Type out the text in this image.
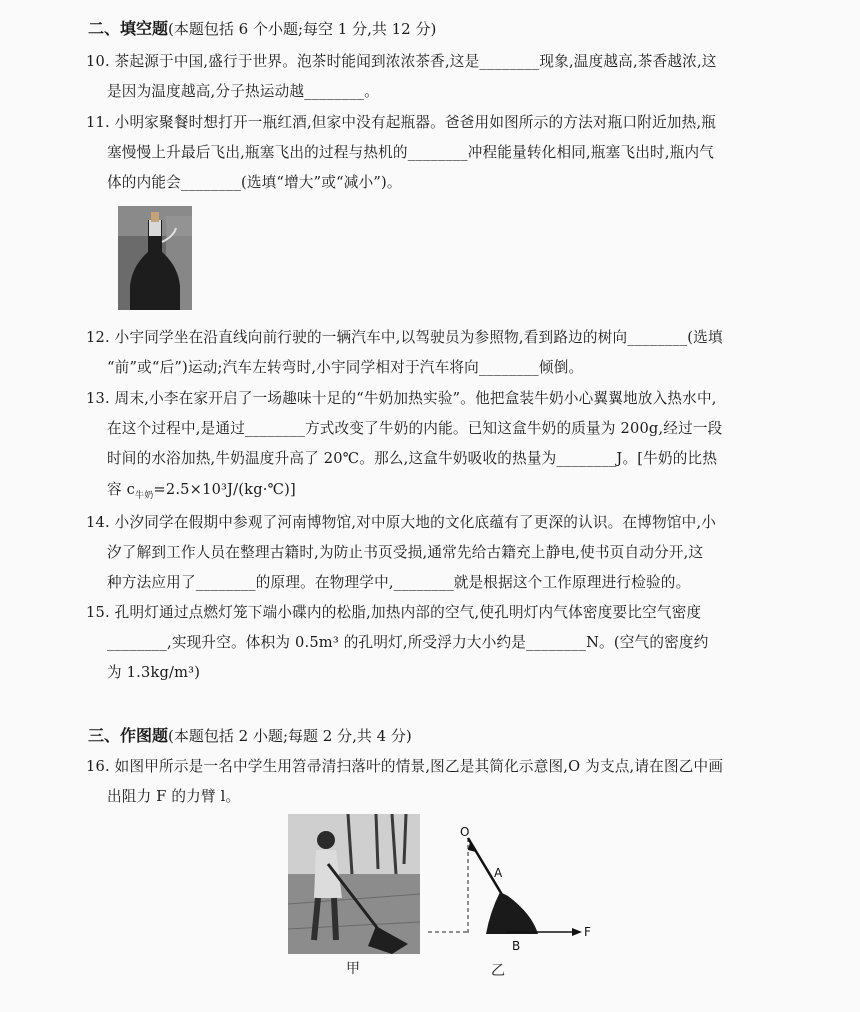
二、填空题(本题包括 6 个小题;每空 1 分,共 12 分)
10. 茶起源于中国,盛行于世界。泡茶时能闻到浓浓茶香,这是________现象,温度越高,茶香越浓,这
是因为温度越高,分子热运动越________。
11. 小明家聚餐时想打开一瓶红酒,但家中没有起瓶器。爸爸用如图所示的方法对瓶口附近加热,瓶
塞慢慢上升最后飞出,瓶塞飞出的过程与热机的________冲程能量转化相同,瓶塞飞出时,瓶内气
体的内能会________(选填“增大”或“减小”)。
12. 小宇同学坐在沿直线向前行驶的一辆汽车中,以驾驶员为参照物,看到路边的树向________(选填
“前”或“后”)运动;汽车左转弯时,小宇同学相对于汽车将向________倾倒。
13. 周末,小李在家开启了一场趣味十足的“牛奶加热实验”。他把盒装牛奶小心翼翼地放入热水中,
在这个过程中,是通过________方式改变了牛奶的内能。已知这盒牛奶的质量为 200g,经过一段
时间的水浴加热,牛奶温度升高了 20℃。那么,这盒牛奶吸收的热量为________J。[牛奶的比热
容 $c_{牛奶}=2.5\times 10^3J/(kg\cdot℃)$]
14. 小汐同学在假期中参观了河南博物馆,对中原大地的文化底蕴有了更深的认识。在博物馆中,小
汐了解到工作人员在整理古籍时,为防止书页受损,通常先给古籍充上静电,使书页自动分开,这
种方法应用了________的原理。在物理学中,________就是根据这个工作原理进行检验的。
15. 孔明灯通过点燃灯笼下端小碟内的松脂,加热内部的空气,使孔明灯内气体密度要比空气密度
________,实现升空。体积为 0.5m³ 的孔明灯,所受浮力大小约是________N。(空气的密度约
为 1.3kg/m³)
三、作图题(本题包括 2 小题;每题 2 分,共 4 分)
16. 如图甲所示是一名中学生用笤帚清扫落叶的情景,图乙是其简化示意图,O 为支点,请在图乙中画
出阻力 F 的力臂 l。
甲
O
A
B
F
乙
